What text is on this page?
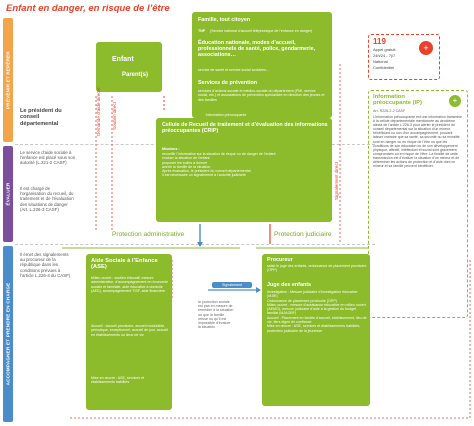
Enfant en danger, en risque de l’être
PRÉVENIR ET REPÉRER
ÉVALUER
ACCOMPAGNER ET PRENDRE EN CHARGE
Le président du conseil départemental
Le service d’aide sociale à l’enfance est placé sous son autorité (L.221-2 CASF)
Il est chargé de l’organisation du recueil, du traitement et de l’évaluation des situations de danger (Art. L.226-3 CASF)
Il émet des signalements au procureur de la république dans les conditions prévues à l’article L.226-4 du CASF)
Enfant
Parent(s)
Famille, tout citoyen
TNP (Service national d’accueil téléphonique de l’enfance en danger)
Éducation nationale, modes d’accueil, professionnels de santé, police, gendarmerie, associations…
service de santé et service social scolaires…
Services de prévention
services d’actions sociale et médico-sociale du département (PMI, service social, etc.) et associations de prévention spécialisée en direction des jeunes et des familles
Information préoccupante
Demande d’aide directe Soutien direct
Signalement direct
Cellule de Recueil de traitement et d’évaluation des informations préoccupantes (CRIP)
Missions :
recueillir l’information sur la situation de risque ou de danger de l’enfant
évaluer la situation de l’enfant
proposer les suites à donner
avertir la famille de la situation
Après évaluation, le président du conseil départemental
il est nécessaire un signalement à l’autorité judiciaire
Protection administrative	Protection judiciaire
Aide Sociale à l’Enfance (ASE)
Milieu ouvert : soutien éducatif, mesure administrative, d’accompagnement en économie sociale et familiale, aide éducative à domicile (AED), accompagnement TISF, aide financière
Accueil : accueil provisoire, accueil modulable, périodique, exceptionnel, accueil de jour, accueil en établissements ou lieux de vie
Mise en œuvre : ASE, services et établissements habilités
Signalement
la protection sociale est pas en mesure de remédier à la situation ou que la famille refuse ou qu’il est impossible d’évaluer la situation
Procureur
saisit le juge des enfants, ordonnance de placement provisoire (OPP)
Juge des enfants
Investigation : Mesure judiciaire d’investigation éducative (MJIE)
Ordonnance de placement provisoire (OPP)
Milieu ouvert : mesure d’assistance éducative en milieu ouvert (AEMO), mesure judiciaire d’aide à la gestion du budget familial (MJAGBF)
Accueil : Placement en famille d’accueil, établissement, lieu de vie, tiers digne de confiance
Mise en œuvre : ASE, services et établissements habilités, protection judiciaire de la jeunesse
119
Appel gratuit
24h/24 - 7j/7
National
Confidentiel
+
Information préoccupante (IP)
Art. R226-2-2 CASF
L’information préoccupante est une information transmise à la cellule départementale mentionnée au deuxième alinéa de l’article L.226-3 pour alerter le président du conseil départemental sur la situation d’un mineur, bénéficiant ou non d’un accompagnement, pouvant laisser craindre que sa santé, sa sécurité ou sa moralité sont en danger ou en risque de l’être ou que les conditions de son éducation ou de son développement physique, affectif, intellectuel et social sont gravement compromises ou en risque de l’être. La finalité de cette transmission est d’évaluer la situation d’un mineur et de déterminer les actions de protection et d’aide dont ce mineur et sa famille peuvent bénéficier.
+
